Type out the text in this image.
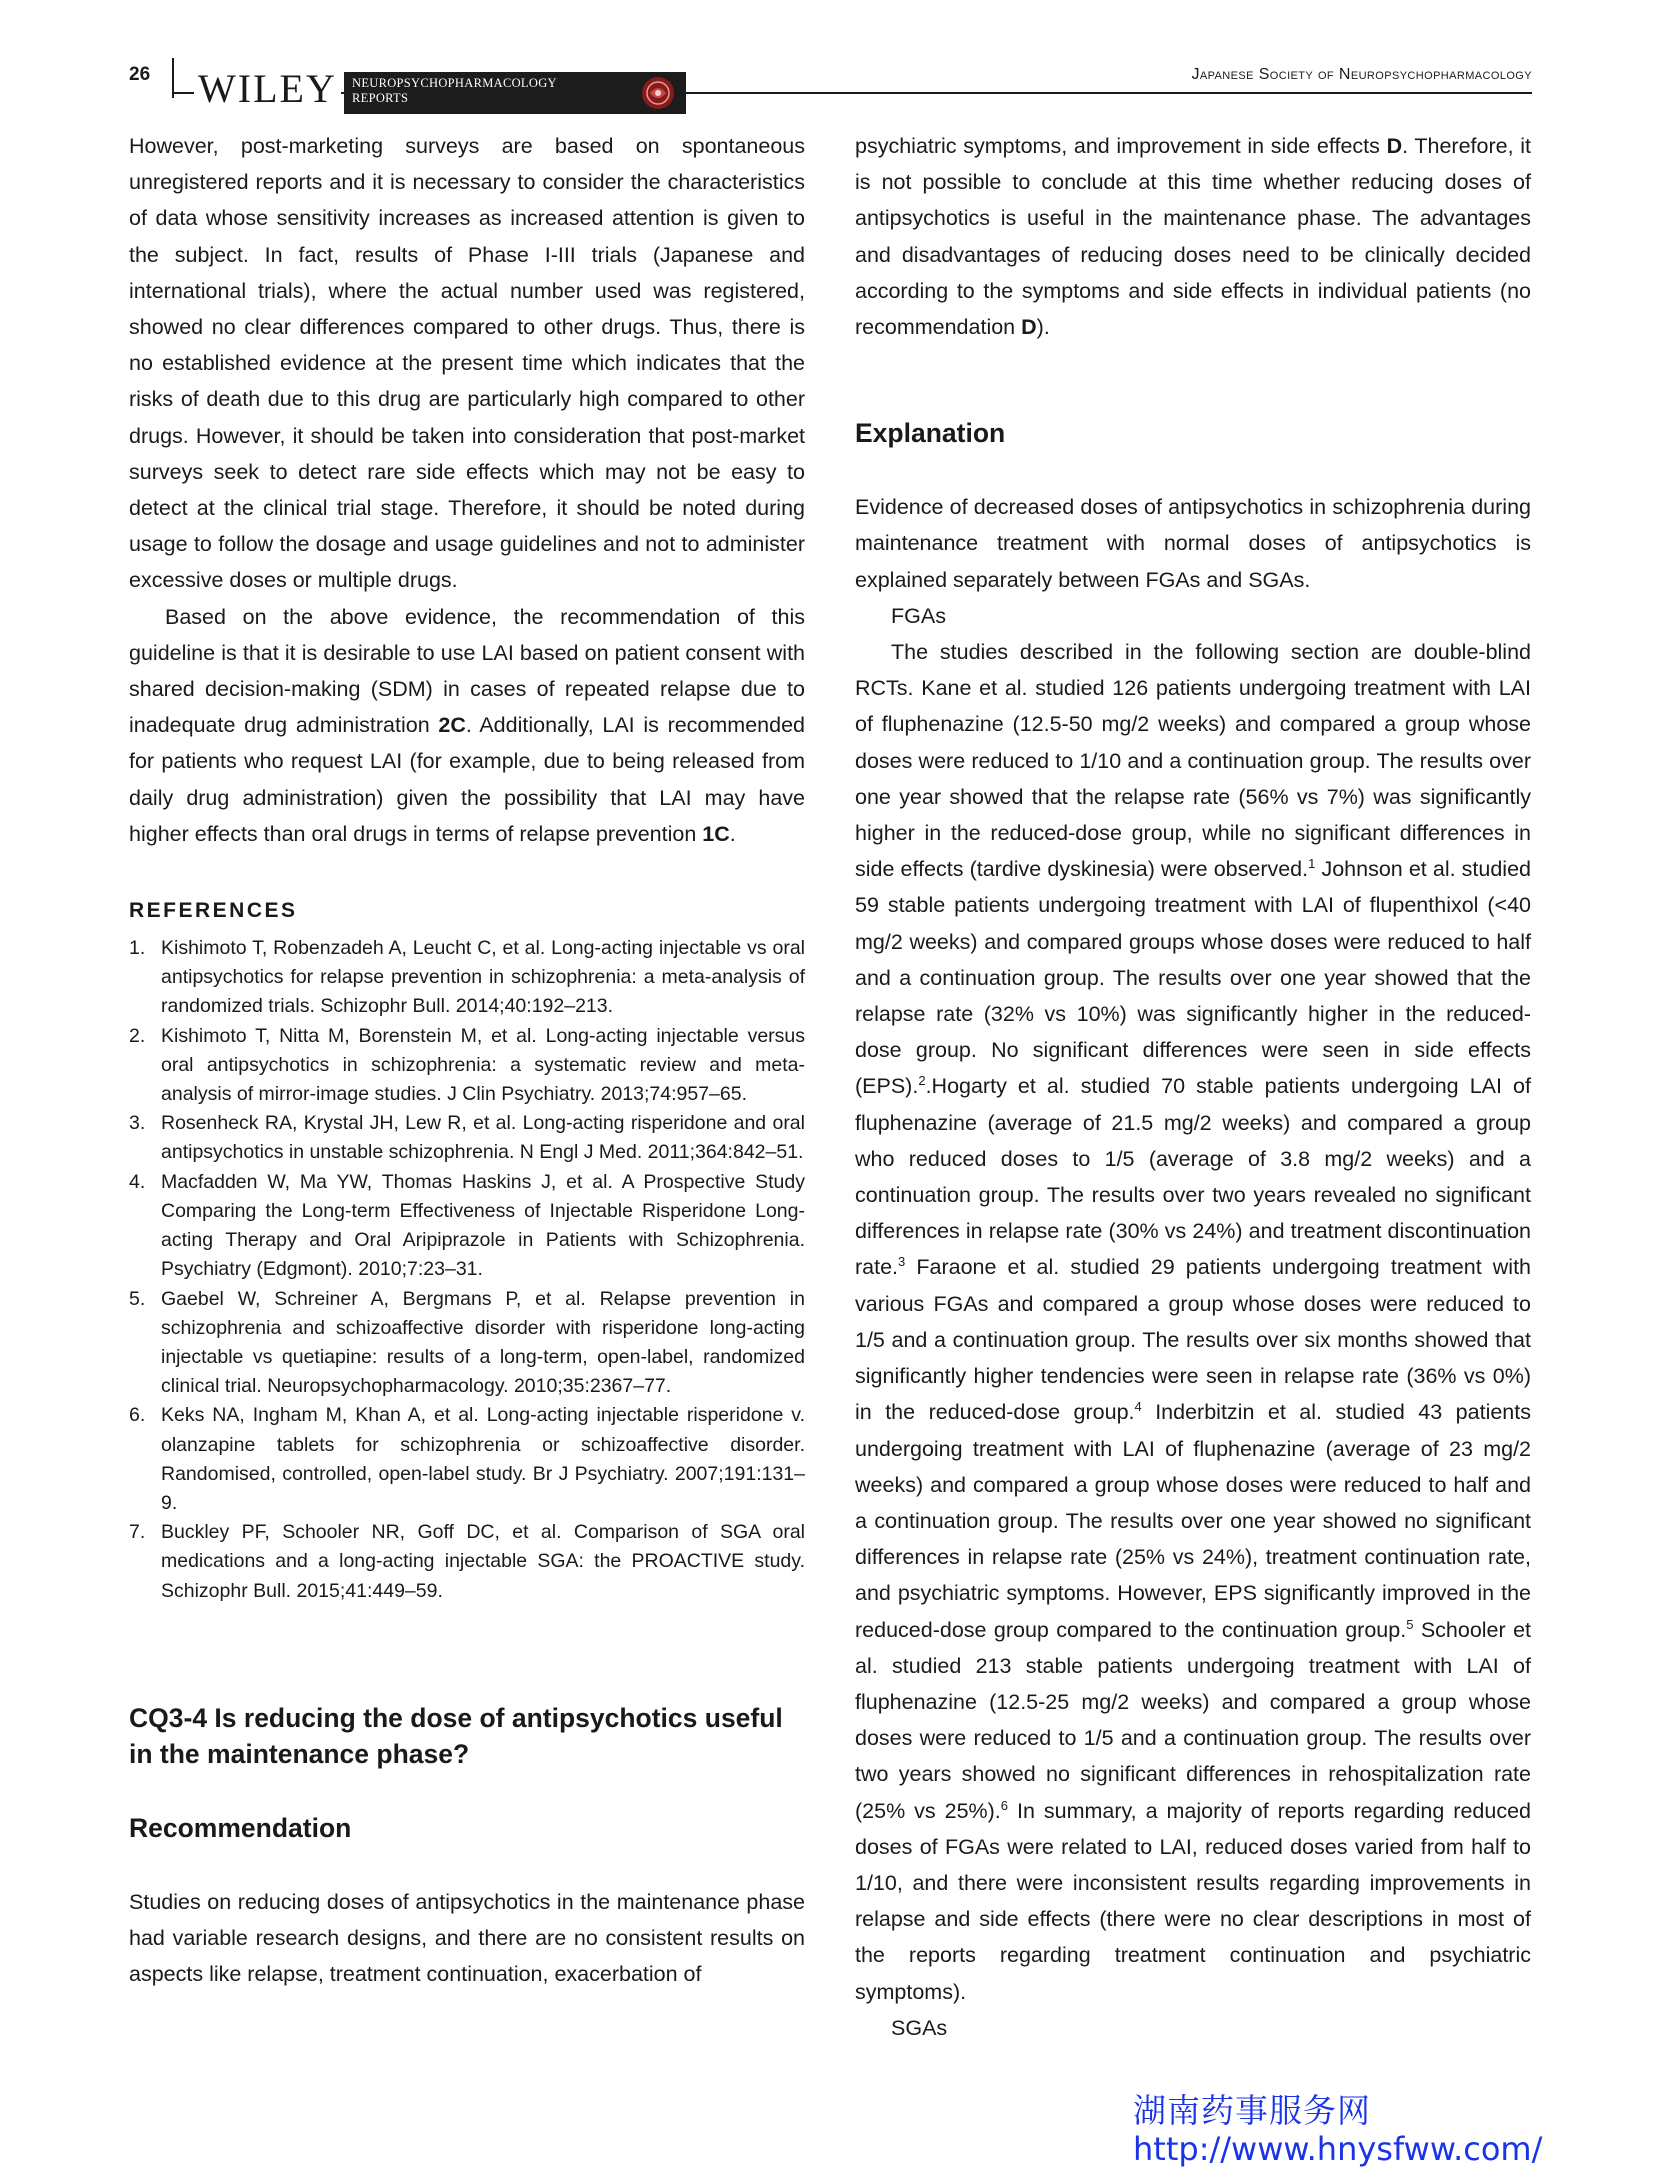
26 WILEY	NEUROPSYCHOPHARMACOLOGY
REPORTS
Japanese Society of Neuropsychopharmacology

However, post-marketing surveys are based on spontaneous unregistered reports and it is necessary to consider the characteristics of data whose sensitivity increases as increased attention is given to the subject. In fact, results of Phase I-III trials (Japanese and international trials), where the actual number used was registered, showed no clear differences compared to other drugs. Thus, there is no established evidence at the present time which indicates that the risks of death due to this drug are particularly high compared to other drugs. However, it should be taken into consideration that post-market surveys seek to detect rare side effects which may not be easy to detect at the clinical trial stage. Therefore, it should be noted during usage to follow the dosage and usage guidelines and not to administer excessive doses or multiple drugs.

Based on the above evidence, the recommendation of this guideline is that it is desirable to use LAI based on patient consent with shared decision-making (SDM) in cases of repeated relapse due to inadequate drug administration 2C. Additionally, LAI is recommended for patients who request LAI (for example, due to being released from daily drug administration) given the possibility that LAI may have higher effects than oral drugs in terms of relapse prevention 1C.

REFERENCES
1. Kishimoto T, Robenzadeh A, Leucht C, et al. Long-acting injectable vs oral antipsychotics for relapse prevention in schizophrenia: a meta-analysis of randomized trials. Schizophr Bull. 2014;40:192–213.
2. Kishimoto T, Nitta M, Borenstein M, et al. Long-acting injectable versus oral antipsychotics in schizophrenia: a systematic review and meta-analysis of mirror-image studies. J Clin Psychiatry. 2013;74:957–65.
3. Rosenheck RA, Krystal JH, Lew R, et al. Long-acting risperidone and oral antipsychotics in unstable schizophrenia. N Engl J Med. 2011;364:842–51.
4. Macfadden W, Ma YW, Thomas Haskins J, et al. A Prospective Study Comparing the Long-term Effectiveness of Injectable Risperidone Long-acting Therapy and Oral Aripiprazole in Patients with Schizophrenia. Psychiatry (Edgmont). 2010;7:23–31.
5. Gaebel W, Schreiner A, Bergmans P, et al. Relapse prevention in schizophrenia and schizoaffective disorder with risperidone long-acting injectable vs quetiapine: results of a long-term, open-label, randomized clinical trial. Neuropsychopharmacology. 2010;35:2367–77.
6. Keks NA, Ingham M, Khan A, et al. Long-acting injectable risperidone v. olanzapine tablets for schizophrenia or schizoaffective disorder. Randomised, controlled, open-label study. Br J Psychiatry. 2007;191:131–9.
7. Buckley PF, Schooler NR, Goff DC, et al. Comparison of SGA oral medications and a long-acting injectable SGA: the PROACTIVE study. Schizophr Bull. 2015;41:449–59.
CQ3-4 Is reducing the dose of antipsychotics useful in the maintenance phase?
Recommendation

Studies on reducing doses of antipsychotics in the maintenance phase had variable research designs, and there are no consistent results on aspects like relapse, treatment continuation, exacerbation of

psychiatric symptoms, and improvement in side effects D. Therefore, it is not possible to conclude at this time whether reducing doses of antipsychotics is useful in the maintenance phase. The advantages and disadvantages of reducing doses need to be clinically decided according to the symptoms and side effects in individual patients (no recommendation D).

Explanation

Evidence of decreased doses of antipsychotics in schizophrenia during maintenance treatment with normal doses of antipsychotics is explained separately between FGAs and SGAs.

FGAs

The studies described in the following section are double-blind RCTs. Kane et al. studied 126 patients undergoing treatment with LAI of fluphenazine (12.5-50 mg/2 weeks) and compared a group whose doses were reduced to 1/10 and a continuation group. The results over one year showed that the relapse rate (56% vs 7%) was significantly higher in the reduced-dose group, while no significant differences in side effects (tardive dyskinesia) were observed.$^1$ Johnson et al. studied 59 stable patients undergoing treatment with LAI of flupenthixol (<40 mg/2 weeks) and compared groups whose doses were reduced to half and a continuation group. The results over one year showed that the relapse rate (32% vs 10%) was significantly higher in the reduced-dose group. No significant differences were seen in side effects (EPS).$^2$.Hogarty et al. studied 70 stable patients undergoing LAI of fluphenazine (average of 21.5 mg/2 weeks) and compared a group who reduced doses to 1/5 (average of 3.8 mg/2 weeks) and a continuation group. The results over two years revealed no significant differences in relapse rate (30% vs 24%) and treatment discontinuation rate.$^3$ Faraone et al. studied 29 patients undergoing treatment with various FGAs and compared a group whose doses were reduced to 1/5 and a continuation group. The results over six months showed that significantly higher tendencies were seen in relapse rate (36% vs 0%) in the reduced-dose group.$^4$ Inderbitzin et al. studied 43 patients undergoing treatment with LAI of fluphenazine (average of 23 mg/2 weeks) and compared a group whose doses were reduced to half and a continuation group. The results over one year showed no significant differences in relapse rate (25% vs 24%), treatment continuation rate, and psychiatric symptoms. However, EPS significantly improved in the reduced-dose group compared to the continuation group.$^5$ Schooler et al. studied 213 stable patients undergoing treatment with LAI of fluphenazine (12.5-25 mg/2 weeks) and compared a group whose doses were reduced to 1/5 and a continuation group. The results over two years showed no significant differences in rehospitalization rate (25% vs 25%).$^6$ In summary, a majority of reports regarding reduced doses of FGAs were related to LAI, reduced doses varied from half to 1/10, and there were inconsistent results regarding improvements in relapse and side effects (there were no clear descriptions in most of the reports regarding treatment continuation and psychiatric symptoms).

SGAs

湖南药事服务网
http://www.hnysfww.com/
